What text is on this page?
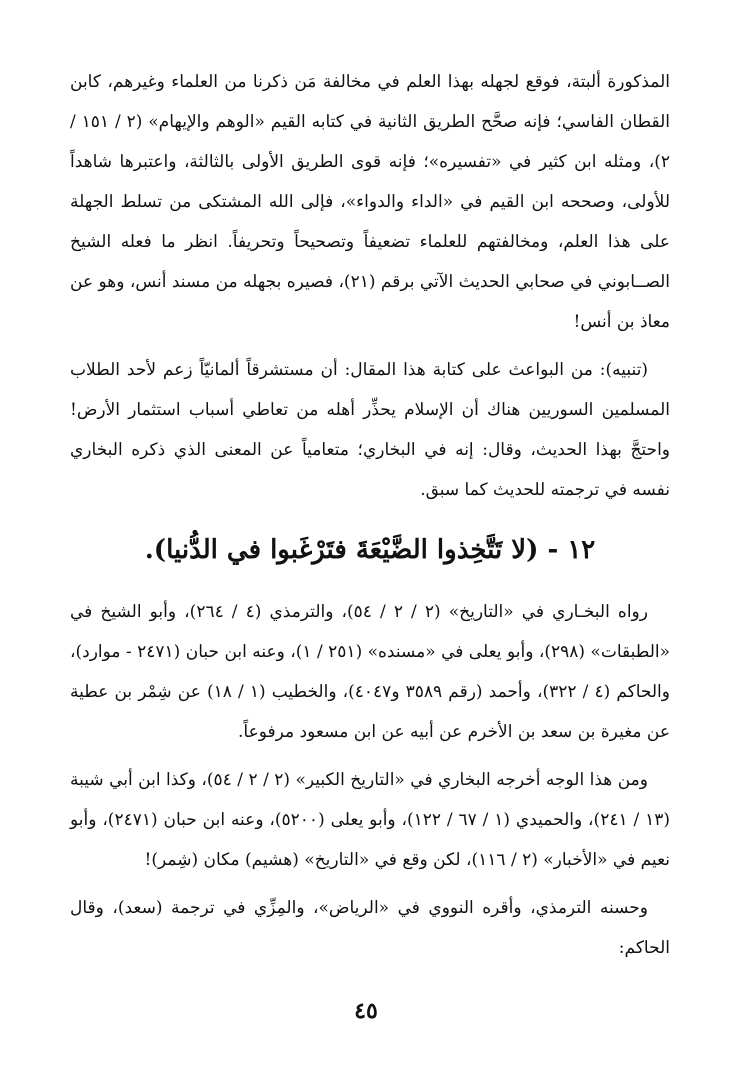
المذكورة ألبتة، فوقع لجهله بهذا العلم في مخالفة مَن ذكرنا من العلماء وغيرهم، كابن القطان الفاسي؛ فإنه صحَّح الطريق الثانية في كتابه القيم «الوهم والإيهام» (٢ / ١٥١ / ٢)، ومثله ابن كثير في «تفسيره»؛ فإنه قوى الطريق الأولى بالثالثة، واعتبرها شاهداً للأولى، وصححه ابن القيم في «الداء والدواء»، فإلى الله المشتكى من تسلط الجهلة على هذا العلم، ومخالفتهم للعلماء تضعيفاً وتصحيحاً وتحريفاً. انظر ما فعله الشيخ الصــابوني في صحابي الحديث الآتي برقم (٢١)، فصيره بجهله من مسند أنس، وهو عن معاذ بن أنس!

(تنبيه): من البواعث على كتابة هذا المقال: أن مستشرقاً ألمانيّاً زعم لأحد الطلاب المسلمين السوريين هناك أن الإسلام يحذِّر أهله من تعاطي أسباب استثمار الأرض! واحتجَّ بهذا الحديث، وقال: إنه في البخاري؛ متعامياً عن المعنى الذي ذكره البخاري نفسه في ترجمته للحديث كما سبق.

١٢ - (لا تَتَّخِذوا الضَّيْعَةَ فتَرْغَبوا في الدُّنيا).

رواه البخـاري في «التاريخ» (٢ / ٢ / ٥٤)، والترمذي (٤ / ٢٦٤)، وأبو الشيخ في «الطبقات» (٢٩٨)، وأبو يعلى في «مسنده» (٢٥١ / ١)، وعنه ابن حبان (٢٤٧١ - موارد)، والحاكم (٤ / ٣٢٢)، وأحمد (رقم ٣٥٨٩ و٤٠٤٧)، والخطيب (١ / ١٨) عن شِمْر بن عطية عن مغيرة بن سعد بن الأخرم عن أبيه عن ابن مسعود مرفوعاً.

ومن هذا الوجه أخرجه البخاري في «التاريخ الكبير» (٢ / ٢ / ٥٤)، وكذا ابن أبي شيبة (١٣ / ٢٤١)، والحميدي (١ / ٦٧ / ١٢٢)، وأبو يعلى (٥٢٠٠)، وعنه ابن حبان (٢٤٧١)، وأبو نعيم في «الأخبار» (٢ / ١١٦)، لكن وقع في «التاريخ» (هشيم) مكان (شِمر)!

وحسنه الترمذي، وأقره النووي في «الرياض»، والمِزِّي في ترجمة (سعد)، وقال الحاكم:

٤٥
